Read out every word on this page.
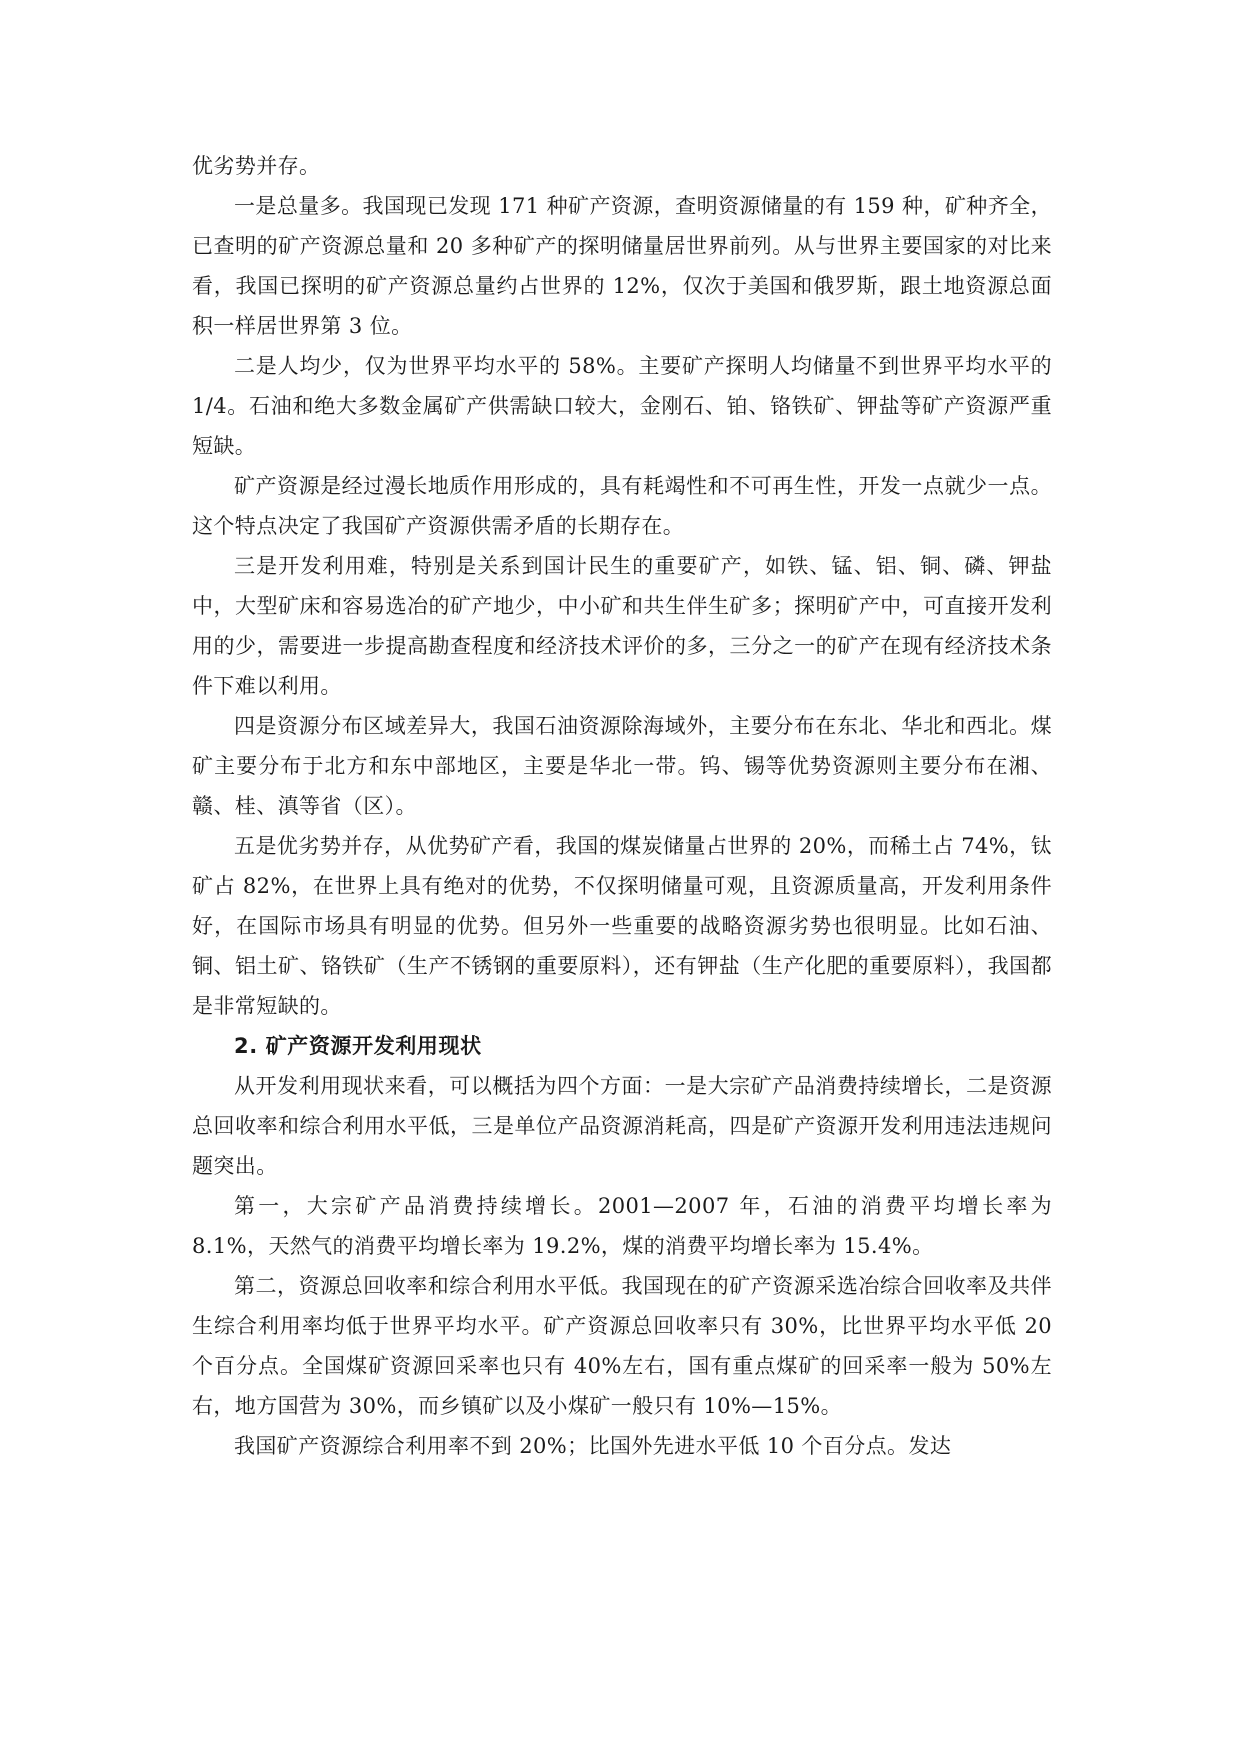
优劣势并存。

一是总量多。我国现已发现 171 种矿产资源，查明资源储量的有 159 种，矿种齐全，已查明的矿产资源总量和 20 多种矿产的探明储量居世界前列。从与世界主要国家的对比来看，我国已探明的矿产资源总量约占世界的 12%，仅次于美国和俄罗斯，跟土地资源总面积一样居世界第 3 位。

二是人均少，仅为世界平均水平的 58%。主要矿产探明人均储量不到世界平均水平的 1/4。石油和绝大多数金属矿产供需缺口较大，金刚石、铂、铬铁矿、钾盐等矿产资源严重短缺。

矿产资源是经过漫长地质作用形成的，具有耗竭性和不可再生性，开发一点就少一点。这个特点决定了我国矿产资源供需矛盾的长期存在。

三是开发利用难，特别是关系到国计民生的重要矿产，如铁、锰、铝、铜、磷、钾盐中，大型矿床和容易选冶的矿产地少，中小矿和共生伴生矿多；探明矿产中，可直接开发利用的少，需要进一步提高勘查程度和经济技术评价的多，三分之一的矿产在现有经济技术条件下难以利用。

四是资源分布区域差异大，我国石油资源除海域外，主要分布在东北、华北和西北。煤矿主要分布于北方和东中部地区，主要是华北一带。钨、锡等优势资源则主要分布在湘、赣、桂、滇等省（区）。

五是优劣势并存，从优势矿产看，我国的煤炭储量占世界的 20%，而稀土占 74%，钛矿占 82%，在世界上具有绝对的优势，不仅探明储量可观，且资源质量高，开发利用条件好，在国际市场具有明显的优势。但另外一些重要的战略资源劣势也很明显。比如石油、铜、铝土矿、铬铁矿（生产不锈钢的重要原料），还有钾盐（生产化肥的重要原料），我国都是非常短缺的。

2. 矿产资源开发利用现状

从开发利用现状来看，可以概括为四个方面：一是大宗矿产品消费持续增长，二是资源总回收率和综合利用水平低，三是单位产品资源消耗高，四是矿产资源开发利用违法违规问题突出。

第一，大宗矿产品消费持续增长。2001—2007 年，石油的消费平均增长率为 8.1%，天然气的消费平均增长率为 19.2%，煤的消费平均增长率为 15.4%。

第二，资源总回收率和综合利用水平低。我国现在的矿产资源采选冶综合回收率及共伴生综合利用率均低于世界平均水平。矿产资源总回收率只有 30%，比世界平均水平低 20 个百分点。全国煤矿资源回采率也只有 40%左右，国有重点煤矿的回采率一般为 50%左右，地方国营为 30%，而乡镇矿以及小煤矿一般只有 10%—15%。

我国矿产资源综合利用率不到 20%；比国外先进水平低 10 个百分点。发达
